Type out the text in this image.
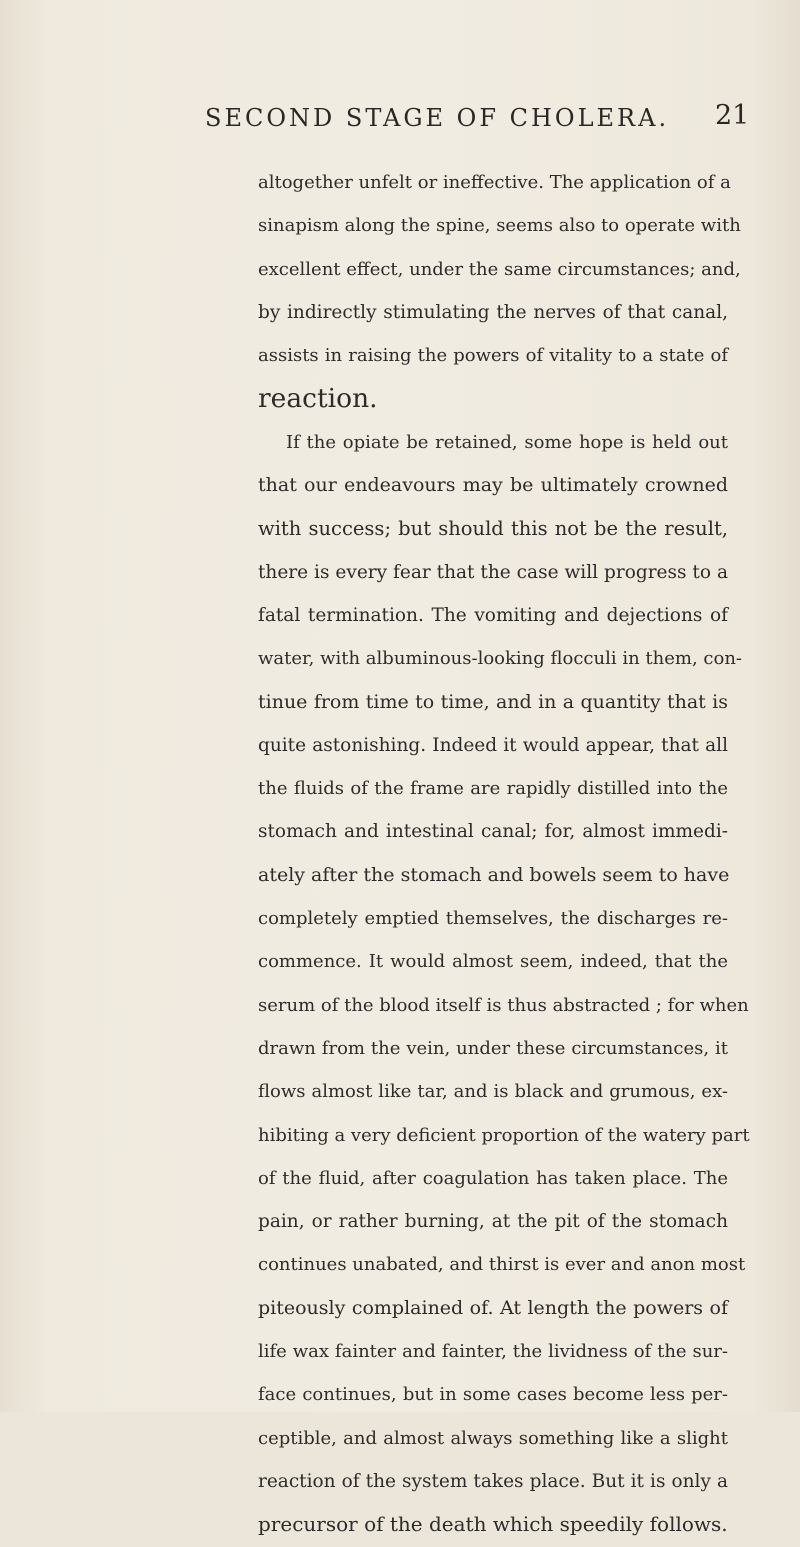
SECOND STAGE OF CHOLERA. 21
altogether unfelt or ineffective. The application of a
sinapism along the spine, seems also to operate with
excellent effect, under the same circumstances; and,
by indirectly stimulating the nerves of that canal,
assists in raising the powers of vitality to a state of
reaction.
If the opiate be retained, some hope is held out
that our endeavours may be ultimately crowned
with success; but should this not be the result,
there is every fear that the case will progress to a
fatal termination. The vomiting and dejections of
water, with albuminous-looking flocculi in them, con-
tinue from time to time, and in a quantity that is
quite astonishing. Indeed it would appear, that all
the fluids of the frame are rapidly distilled into the
stomach and intestinal canal; for, almost immedi-
ately after the stomach and bowels seem to have
completely emptied themselves, the discharges re-
commence. It would almost seem, indeed, that the
serum of the blood itself is thus abstracted ; for when
drawn from the vein, under these circumstances, it
flows almost like tar, and is black and grumous, ex-
hibiting a very deficient proportion of the watery part
of the fluid, after coagulation has taken place. The
pain, or rather burning, at the pit of the stomach
continues unabated, and thirst is ever and anon most
piteously complained of. At length the powers of
life wax fainter and fainter, the lividness of the sur-
face continues, but in some cases become less per-
ceptible, and almost always something like a slight
reaction of the system takes place. But it is only a
precursor of the death which speedily follows.
